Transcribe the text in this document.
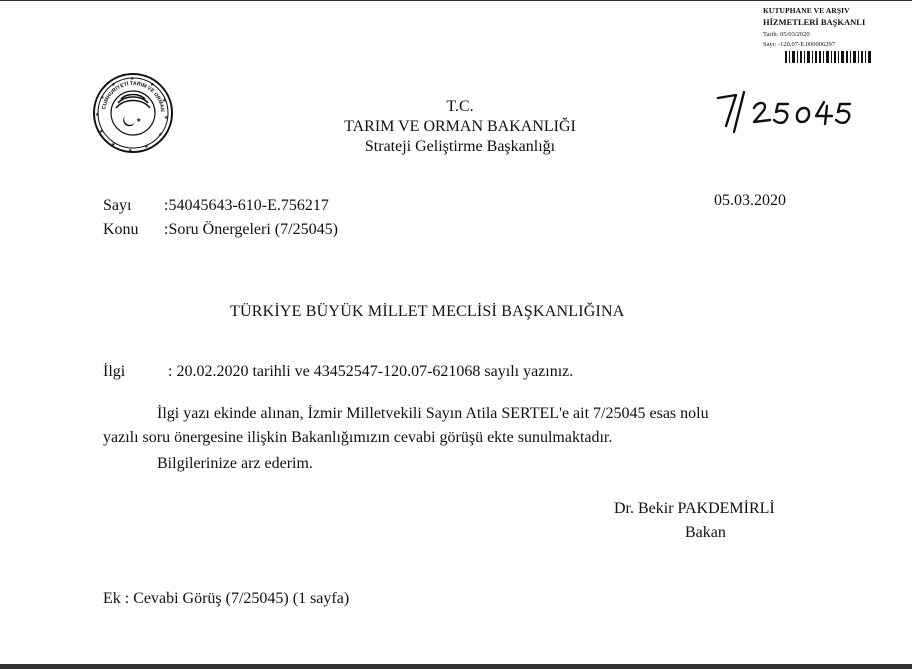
KUTUPHANE VE ARŞIV
HİZMETLERİ BAŞKANLI
Tarih: 05/03/2020
Sayı: -120.07-E.000006297
CUMHURİYETİ TARIM VE ORMAN
★
★
★
★
★
★
★
★
★
★
★
★
★
T.C.
TARIM VE ORMAN BAKANLIĞI
Strateji Geliştirme Başkanlığı
Sayı :54045643-610-E.756217
Konu :Soru Önergeleri (7/25045)
05.03.2020
TÜRKİYE BÜYÜK MİLLET MECLİSİ BAŞKANLIĞINA
İlgi	: 20.02.2020 tarihli ve 43452547-120.07-621068 sayılı yazınız.
İlgi yazı ekinde alınan, İzmir Milletvekili Sayın Atila SERTEL'e ait 7/25045 esas nolu
yazılı soru önergesine ilişkin Bakanlığımızın cevabi görüşü ekte sunulmaktadır.
Bilgilerinize arz ederim.
Dr. Bekir PAKDEMİRLİ
Bakan
Ek : Cevabi Görüş (7/25045) (1 sayfa)
